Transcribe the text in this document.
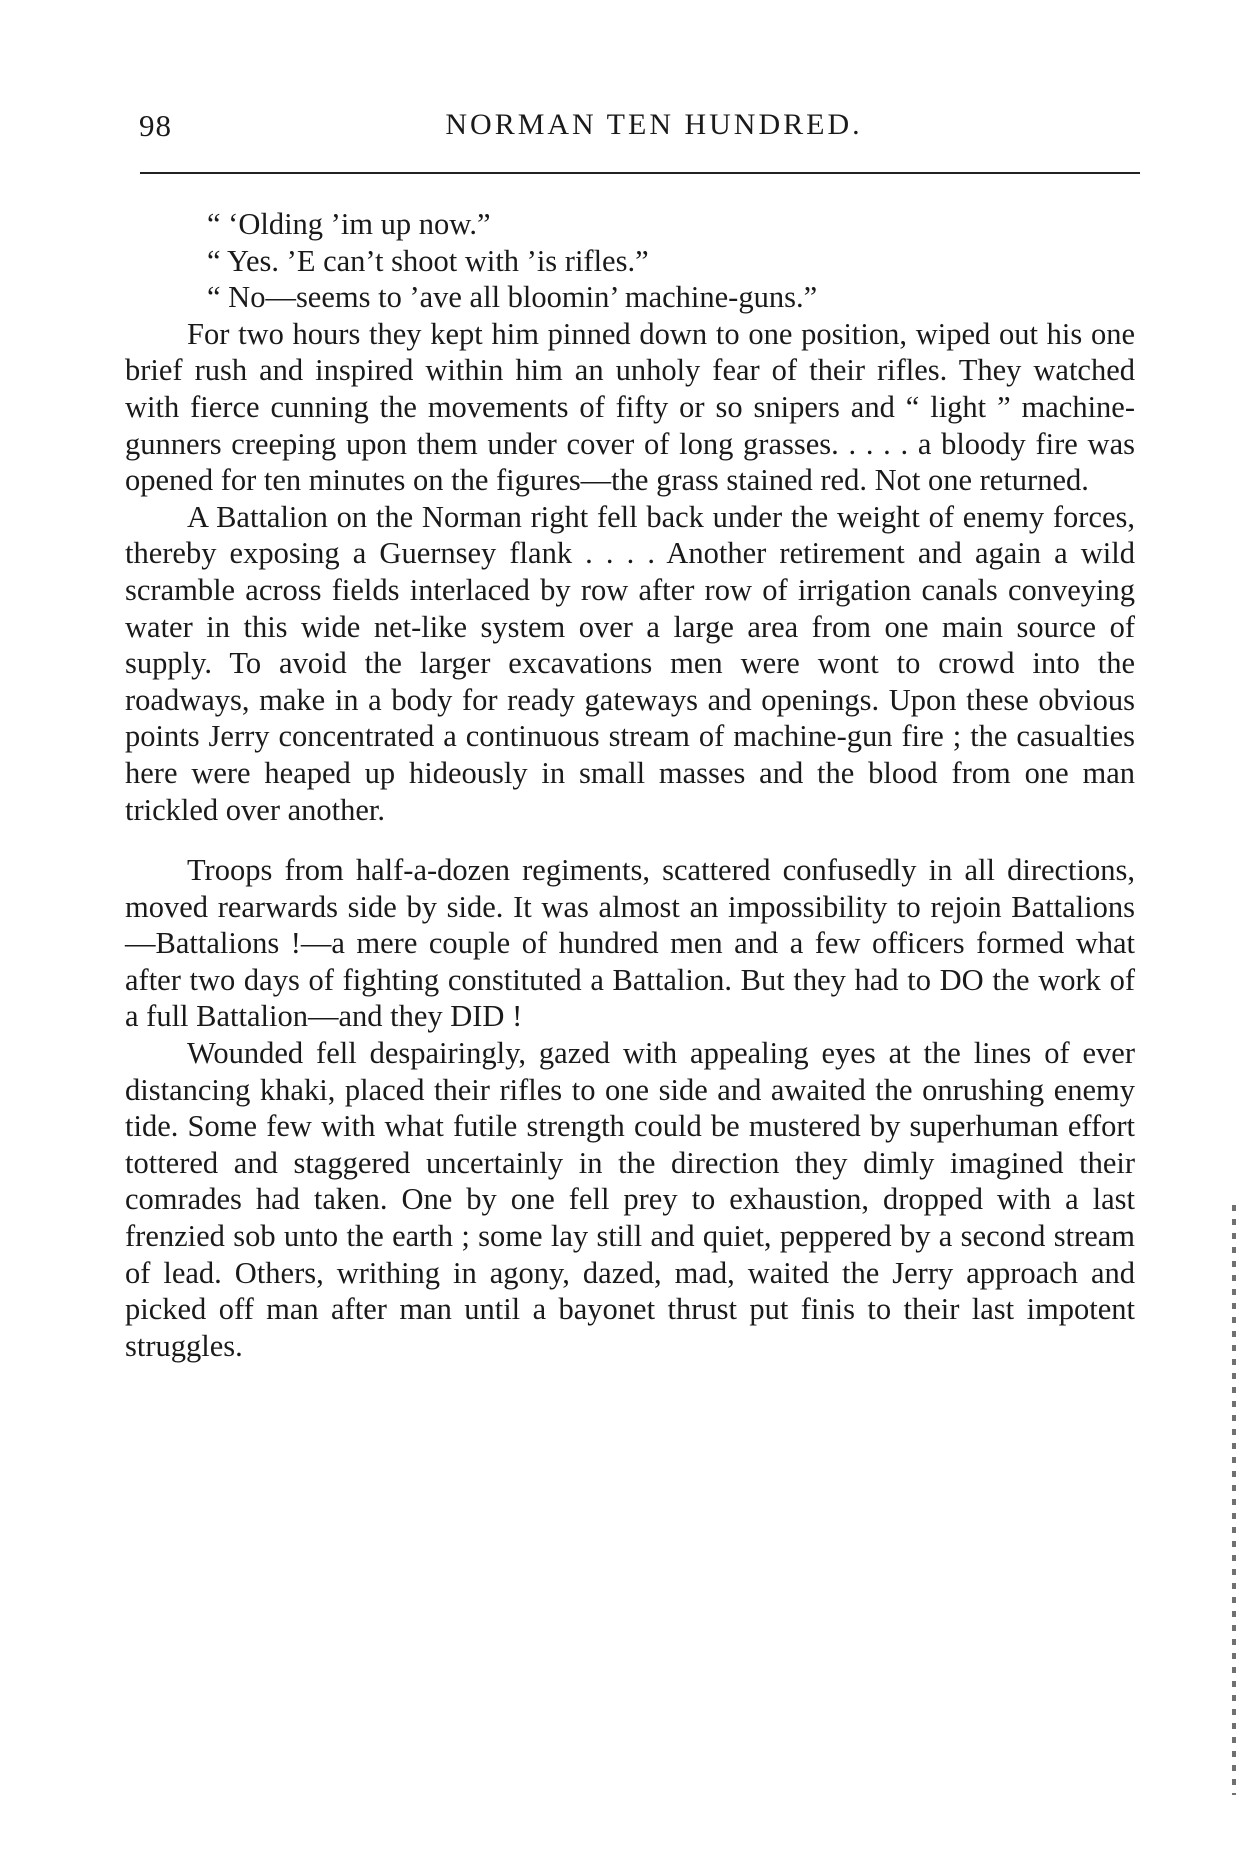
98	NORMAN TEN HUNDRED.

“ ‘Olding ’im up now.”

“ Yes. ’E can’t shoot with ’is rifles.”

“ No—seems to ’ave all bloomin’ machine-guns.”

For two hours they kept him pinned down to one position, wiped out his one brief rush and inspired within him an unholy fear of their rifles. They watched with fierce cunning the movements of fifty or so snipers and “ light ” machine-gunners creeping upon them under cover of long grasses. . . . . a bloody fire was opened for ten minutes on the figures—the grass stained red. Not one returned.

A Battalion on the Norman right fell back under the weight of enemy forces, thereby exposing a Guernsey flank . . . . Another retirement and again a wild scramble across fields interlaced by row after row of irrigation canals conveying water in this wide net-like system over a large area from one main source of supply. To avoid the larger excavations men were wont to crowd into the roadways, make in a body for ready gateways and openings. Upon these obvious points Jerry concentrated a continuous stream of machine-gun fire ; the casualties here were heaped up hideously in small masses and the blood from one man trickled over another.

Troops from half-a-dozen regiments, scattered confusedly in all directions, moved rearwards side by side. It was almost an impossibility to rejoin Battalions—Battalions !—a mere couple of hundred men and a few officers formed what after two days of fighting constituted a Battalion. But they had to DO the work of a full Battalion—and they DID !

Wounded fell despairingly, gazed with appealing eyes at the lines of ever distancing khaki, placed their rifles to one side and awaited the onrushing enemy tide. Some few with what futile strength could be mustered by superhuman effort tottered and staggered uncertainly in the direction they dimly imagined their comrades had taken. One by one fell prey to exhaustion, dropped with a last frenzied sob unto the earth ; some lay still and quiet, peppered by a second stream of lead. Others, writhing in agony, dazed, mad, waited the Jerry approach and picked off man after man until a bayonet thrust put finis to their last impotent struggles.
